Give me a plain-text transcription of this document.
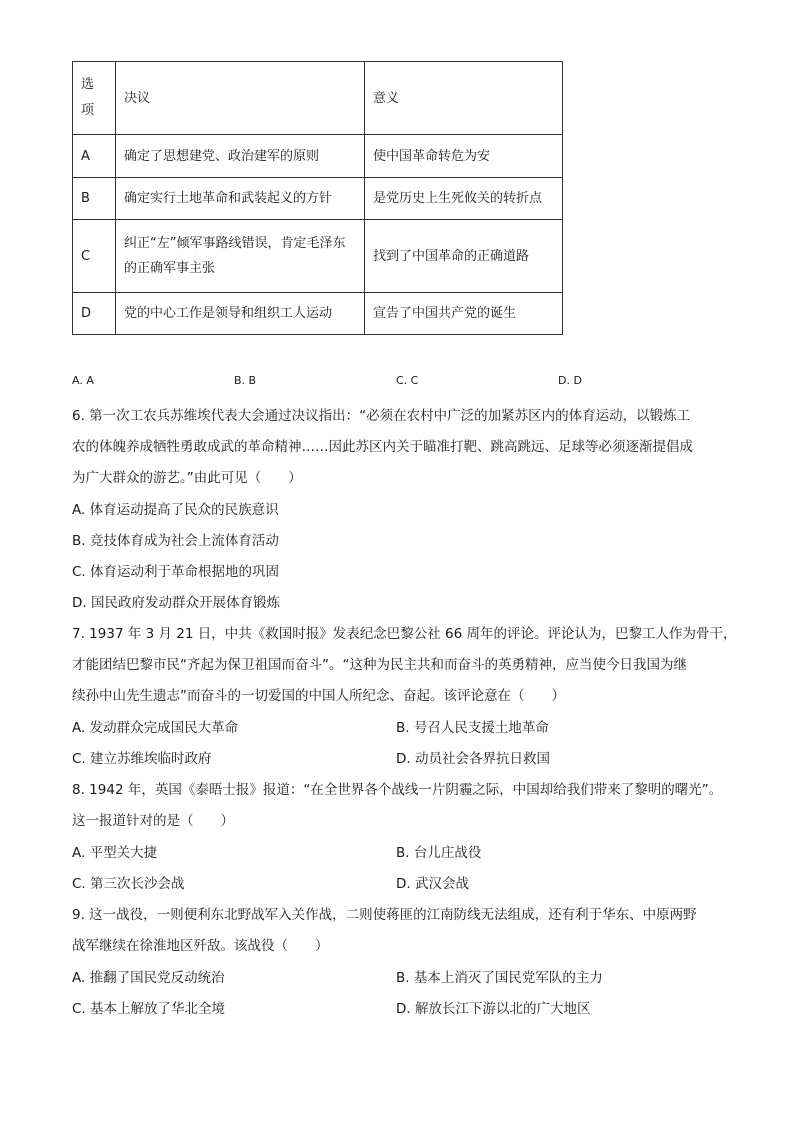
选
项	决议	意义
A	确定了思想建党、政治建军的原则	使中国革命转危为安
B	确定实行土地革命和武装起义的方针	是党历史上生死攸关的转折点
C	纠正“左”倾军事路线错误，肯定毛泽东的正确军事主张	找到了中国革命的正确道路
D	党的中心工作是领导和组织工人运动	宣告了中国共产党的诞生
A. A	B. B	C. C	D. D
6. 第一次工农兵苏维埃代表大会通过决议指出：“必须在农村中广泛的加紧苏区内的体育运动，以锻炼工
农的体魄养成牺牲勇敢成武的革命精神……因此苏区内关于瞄准打靶、跳高跳远、足球等必须逐渐提倡成
为广大群众的游艺。”由此可见（　　）
A. 体育运动提高了民众的民族意识
B. 竞技体育成为社会上流体育活动
C. 体育运动利于革命根据地的巩固
D. 国民政府发动群众开展体育锻炼
7. 1937 年 3 月 21 日，中共《救国时报》发表纪念巴黎公社 66 周年的评论。评论认为，巴黎工人作为骨干，
才能团结巴黎市民“齐起为保卫祖国而奋斗”。“这种为民主共和而奋斗的英勇精神，应当使今日我国为继
续孙中山先生遗志”而奋斗的一切爱国的中国人所纪念、奋起。该评论意在（　　）
A. 发动群众完成国民大革命	B. 号召人民支援土地革命
C. 建立苏维埃临时政府	D. 动员社会各界抗日救国
8. 1942 年，英国《泰晤士报》报道：“在全世界各个战线一片阴霾之际，中国却给我们带来了黎明的曙光”。
这一报道针对的是（　　）
A. 平型关大捷	B. 台儿庄战役
C. 第三次长沙会战	D. 武汉会战
9. 这一战役，一则便利东北野战军入关作战，二则使蒋匪的江南防线无法组成，还有利于华东、中原两野
战军继续在徐淮地区歼敌。该战役（　　）
A. 推翻了国民党反动统治	B. 基本上消灭了国民党军队的主力
C. 基本上解放了华北全境	D. 解放长江下游以北的广大地区
